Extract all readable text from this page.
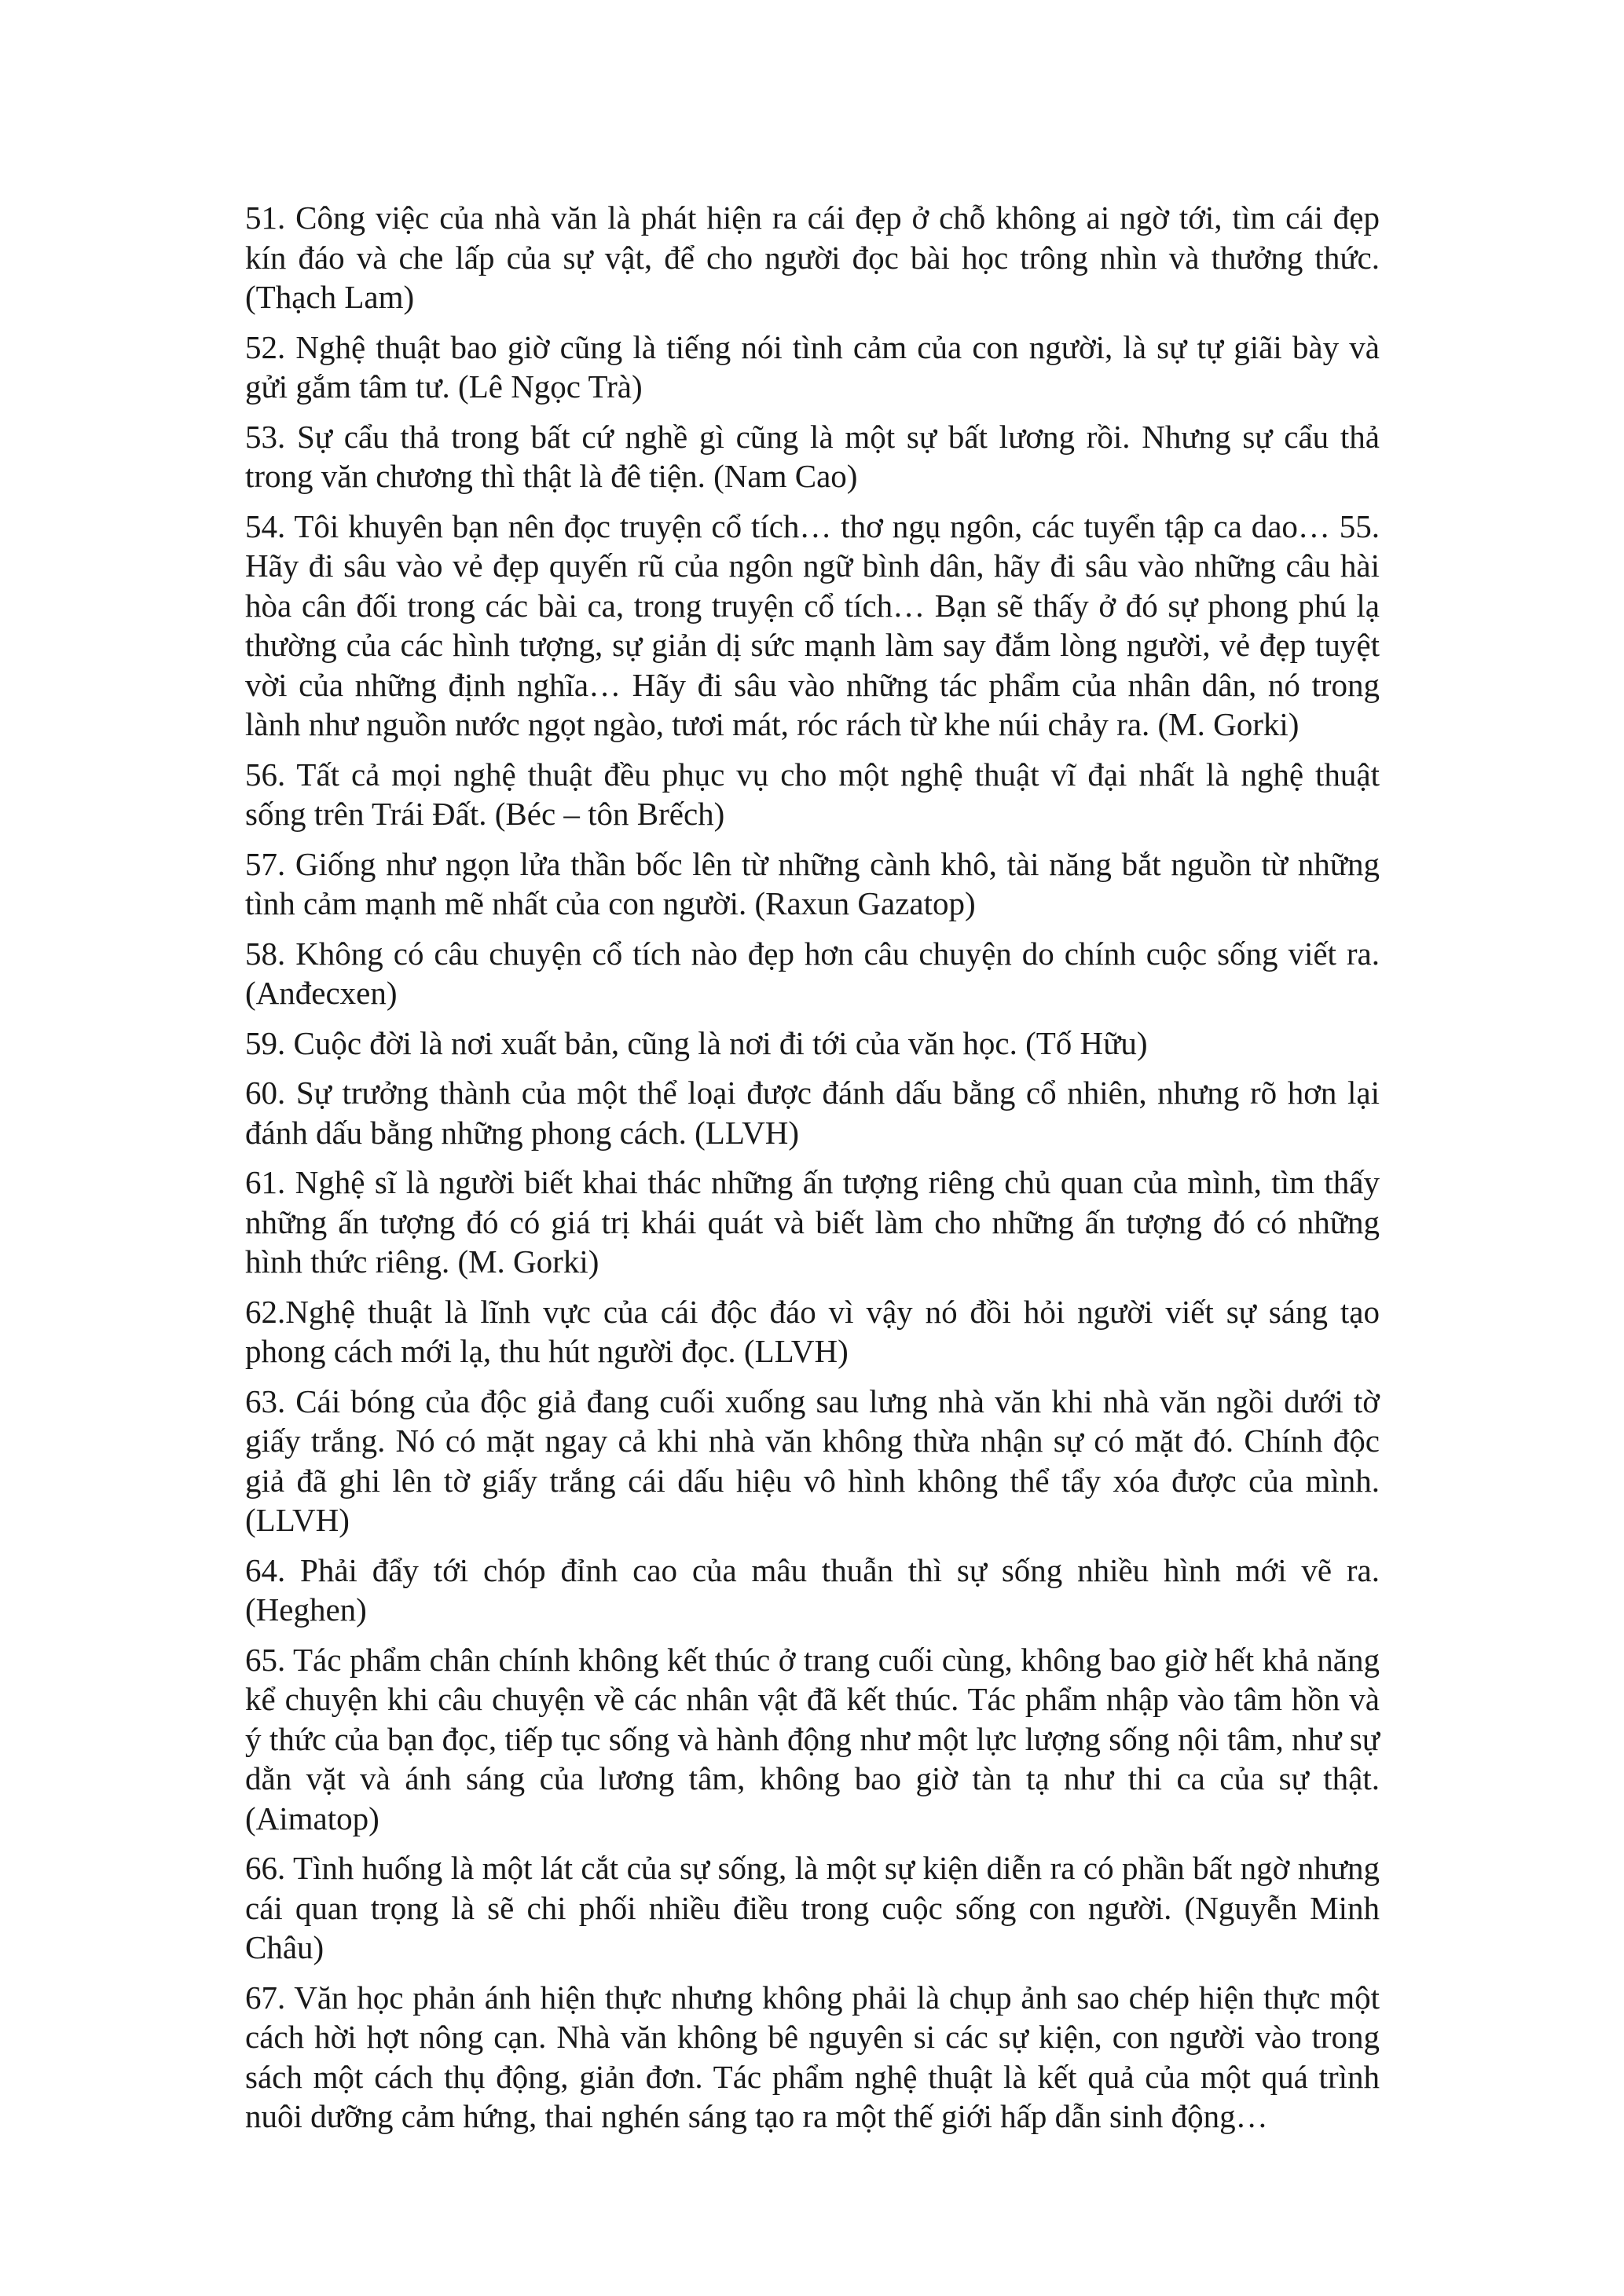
51. Công việc của nhà văn là phát hiện ra cái đẹp ở chỗ không ai ngờ tới, tìm cái đẹp kín đáo và che lấp của sự vật, để cho người đọc bài học trông nhìn và thưởng thức. (Thạch Lam)

52. Nghệ thuật bao giờ cũng là tiếng nói tình cảm của con người, là sự tự giãi bày và gửi gắm tâm tư. (Lê Ngọc Trà)

53. Sự cẩu thả trong bất cứ nghề gì cũng là một sự bất lương rồi. Nhưng sự cẩu thả trong văn chương thì thật là đê tiện. (Nam Cao)

54. Tôi khuyên bạn nên đọc truyện cổ tích… thơ ngụ ngôn, các tuyển tập ca dao… 55. Hãy đi sâu vào vẻ đẹp quyến rũ của ngôn ngữ bình dân, hãy đi sâu vào những câu hài hòa cân đối trong các bài ca, trong truyện cổ tích… Bạn sẽ thấy ở đó sự phong phú lạ thường của các hình tượng, sự giản dị sức mạnh làm say đắm lòng người, vẻ đẹp tuyệt vời của những định nghĩa… Hãy đi sâu vào những tác phẩm của nhân dân, nó trong lành như nguồn nước ngọt ngào, tươi mát, róc rách từ khe núi chảy ra. (M. Gorki)

56. Tất cả mọi nghệ thuật đều phục vụ cho một nghệ thuật vĩ đại nhất là nghệ thuật sống trên Trái Đất. (Béc – tôn Brếch)

57. Giống như ngọn lửa thần bốc lên từ những cành khô, tài năng bắt nguồn từ những tình cảm mạnh mẽ nhất của con người. (Raxun Gazatop)

58. Không có câu chuyện cổ tích nào đẹp hơn câu chuyện do chính cuộc sống viết ra. (Anđecxen)

59. Cuộc đời là nơi xuất bản, cũng là nơi đi tới của văn học. (Tố Hữu)

60. Sự trưởng thành của một thể loại được đánh dấu bằng cổ nhiên, nhưng rõ hơn lại đánh dấu bằng những phong cách. (LLVH)

61. Nghệ sĩ là người biết khai thác những ấn tượng riêng chủ quan của mình, tìm thấy những ấn tượng đó có giá trị khái quát và biết làm cho những ấn tượng đó có những hình thức riêng. (M. Gorki)

62.Nghệ thuật là lĩnh vực của cái độc đáo vì vậy nó đồi hỏi người viết sự sáng tạo phong cách mới lạ, thu hút người đọc. (LLVH)

63. Cái bóng của độc giả đang cuối xuống sau lưng nhà văn khi nhà văn ngồi dưới tờ giấy trắng. Nó có mặt ngay cả khi nhà văn không thừa nhận sự có mặt đó. Chính độc giả đã ghi lên tờ giấy trắng cái dấu hiệu vô hình không thể tẩy xóa được của mình. (LLVH)

64. Phải đẩy tới chóp đỉnh cao của mâu thuẫn thì sự sống nhiều hình mới vẽ ra. (Heghen)

65. Tác phẩm chân chính không kết thúc ở trang cuối cùng, không bao giờ hết khả năng kể chuyện khi câu chuyện về các nhân vật đã kết thúc. Tác phẩm nhập vào tâm hồn và ý thức của bạn đọc, tiếp tục sống và hành động như một lực lượng sống nội tâm, như sự dằn vặt và ánh sáng của lương tâm, không bao giờ tàn tạ như thi ca của sự thật. (Aimatop)

66. Tình huống là một lát cắt của sự sống, là một sự kiện diễn ra có phần bất ngờ nhưng cái quan trọng là sẽ chi phối nhiều điều trong cuộc sống con người. (Nguyễn Minh Châu)

67. Văn học phản ánh hiện thực nhưng không phải là chụp ảnh sao chép hiện thực một cách hời hợt nông cạn. Nhà văn không bê nguyên si các sự kiện, con người vào trong sách một cách thụ động, giản đơn. Tác phẩm nghệ thuật là kết quả của một quá trình nuôi dưỡng cảm hứng, thai nghén sáng tạo ra một thế giới hấp dẫn sinh động…
